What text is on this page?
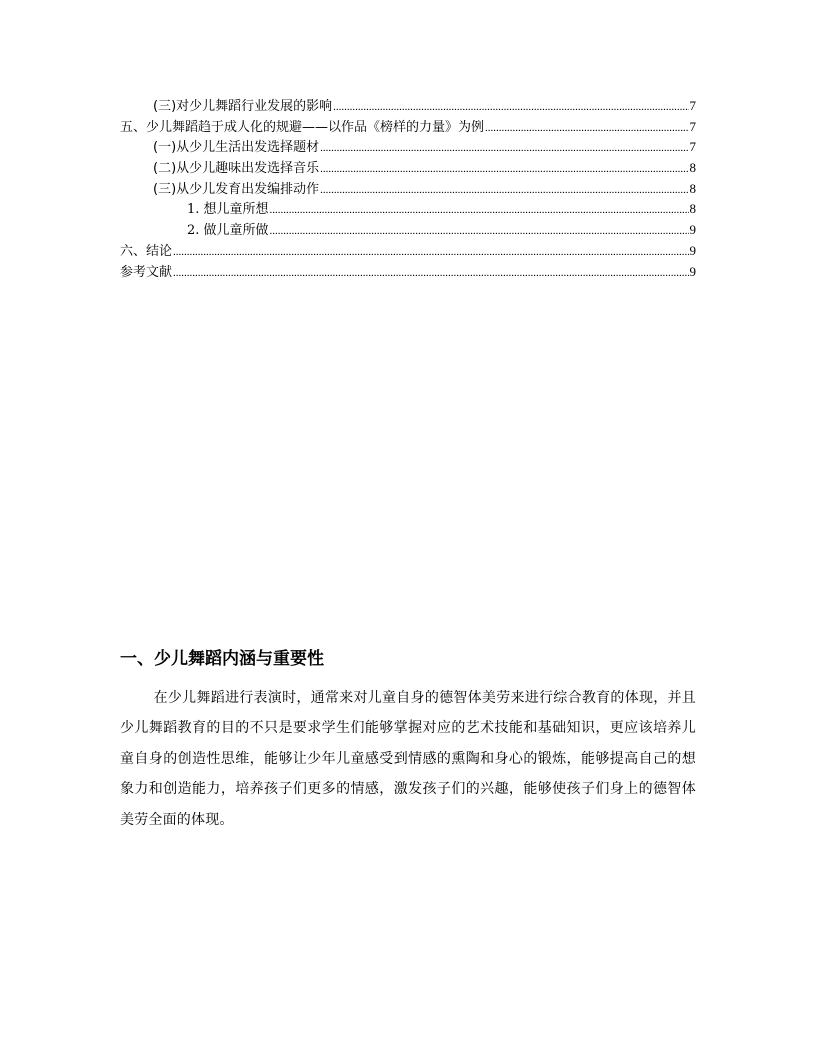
(三)对少儿舞蹈行业发展的影响 .....	7
五、少儿舞蹈趋于成人化的规避——以作品《榜样的力量》为例 .....	7
(一)从少儿生活出发选择题材 .....	7
(二)从少儿趣味出发选择音乐 .....	8
(三)从少儿发育出发编排动作 .....	8
1. 想儿童所想 .....	8
2. 做儿童所做 .....	9
六、结论 .....	9
参考文献 .....	9
一、少儿舞蹈内涵与重要性

在少儿舞蹈进行表演时，通常来对儿童自身的德智体美劳来进行综合教育的体现，并且少儿舞蹈教育的目的不只是要求学生们能够掌握对应的艺术技能和基础知识，更应该培养儿童自身的创造性思维，能够让少年儿童感受到情感的熏陶和身心的锻炼，能够提高自己的想象力和创造能力，培养孩子们更多的情感，激发孩子们的兴趣，能够使孩子们身上的德智体美劳全面的体现。
